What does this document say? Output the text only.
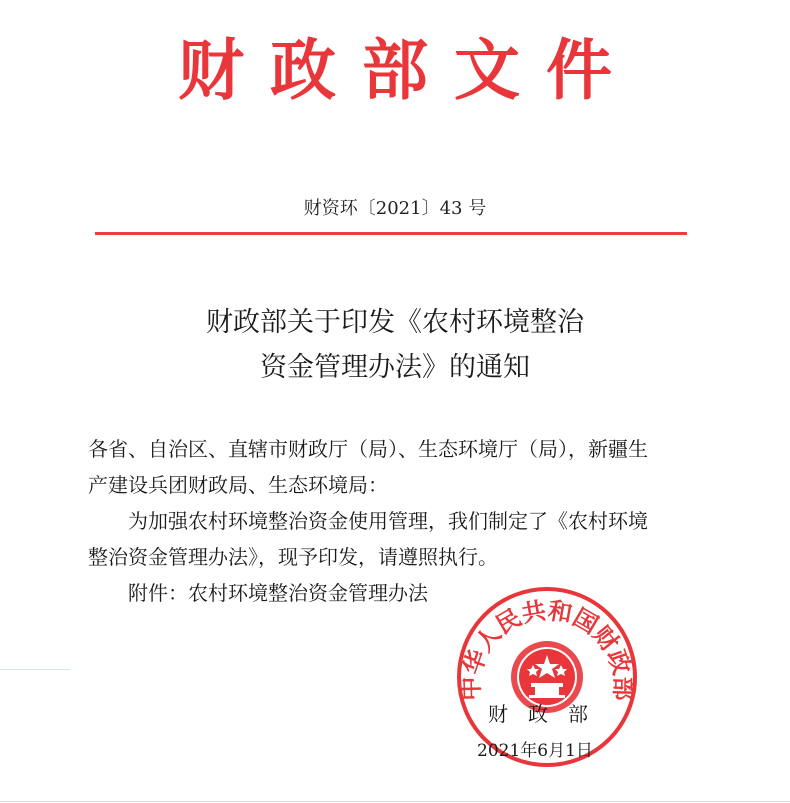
财政部文件
财资环〔2021〕43 号
财政部关于印发《农村环境整治
资金管理办法》的通知

各省、自治区、直辖市财政厅（局）、生态环境厅（局），新疆生

产建设兵团财政局、生态环境局：

为加强农村环境整治资金使用管理，我们制定了《农村环境

整治资金管理办法》，现予印发，请遵照执行。

附件：农村环境整治资金管理办法

中华人民共和国财政部
财　政　部
2021年6月1日
